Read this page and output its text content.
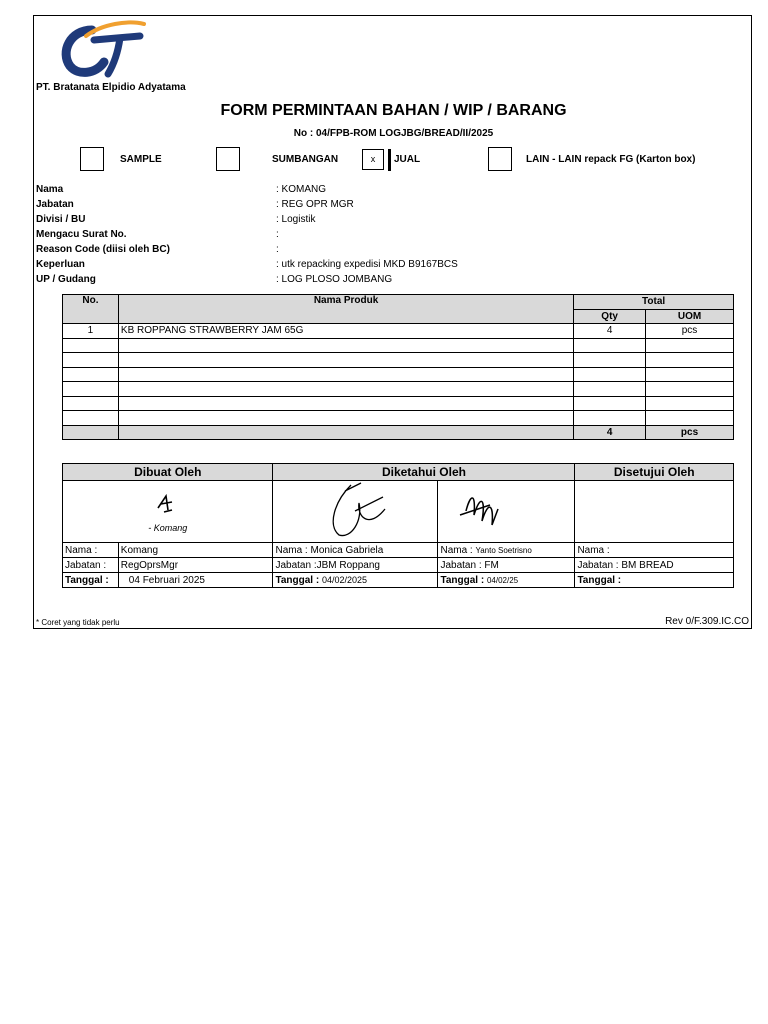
PT. Bratanata Elpidio Adyatama
FORM PERMINTAAN BAHAN / WIP / BARANG
No : 04/FPB-ROM LOGJBG/BREAD/II/2025
SAMPLE	SUMBANGAN	x	JUAL	LAIN - LAIN repack FG (Karton box)
Nama	: KOMANG
Jabatan	: REG OPR MGR
Divisi / BU	: Logistik
Mengacu Surat No.	:
Reason Code (diisi oleh BC)	:
Keperluan	: utk repacking expedisi MKD B9167BCS
UP / Gudang	: LOG PLOSO JOMBANG
No.	Nama Produk	Total	
		Qty	UOM
1	KB ROPPANG STRAWBERRY JAM 65G	4	pcs

		4	pcs
Dibuat Oleh		Diketahui Oleh		Disetujui Oleh

- Komang

Nama :	Komang	Nama : Monica Gabriela	Nama : Yanto Soetrisno	Nama :
Jabatan :	RegOprsMgr	Jabatan :JBM Roppang	Jabatan : FM	Jabatan : BM BREAD
Tanggal :	04 Februari 2025	Tanggal : 04/02/2025	Tanggal : 04/02/25	Tanggal :
* Coret yang tidak perlu	Rev 0/F.309.IC.CO
